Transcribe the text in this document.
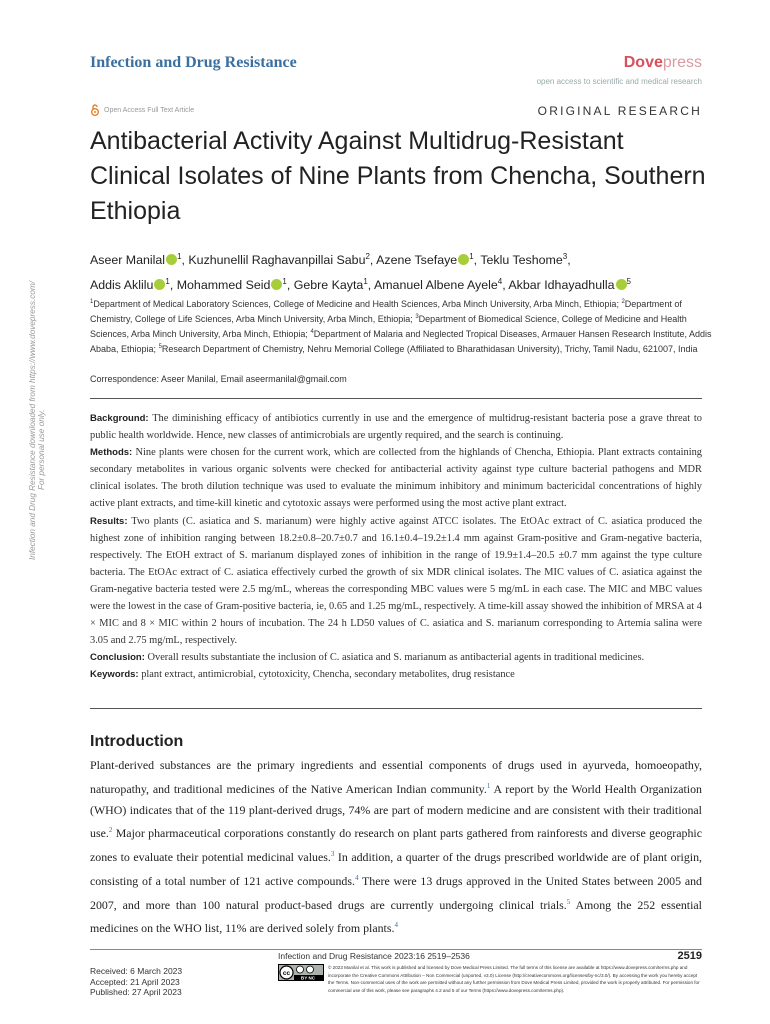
Infection and Drug Resistance	Dovepress
open access to scientific and medical research
Open Access Full Text Article	ORIGINAL RESEARCH
Antibacterial Activity Against Multidrug-Resistant Clinical Isolates of Nine Plants from Chencha, Southern Ethiopia
Aseer Manilal $^1$, Kuzhunellil Raghavanpillai Sabu$^2$, Azene Tsefaye $^1$, Teklu Teshome$^3$,
Addis Aklilu $^1$, Mohammed Seid $^1$, Gebre Kayta$^1$, Amanuel Albene Ayele$^4$, Akbar Idhayadhulla $^5$
$^1$Department of Medical Laboratory Sciences, College of Medicine and Health Sciences, Arba Minch University, Arba Minch, Ethiopia; $^2$Department of Chemistry, College of Life Sciences, Arba Minch University, Arba Minch, Ethiopia; $^3$Department of Biomedical Science, College of Medicine and Health Sciences, Arba Minch University, Arba Minch, Ethiopia; $^4$Department of Malaria and Neglected Tropical Diseases, Armauer Hansen Research Institute, Addis Ababa, Ethiopia; $^5$Research Department of Chemistry, Nehru Memorial College (Affiliated to Bharathidasan University), Trichy, Tamil Nadu, 621007, India
Correspondence: Aseer Manilal, Email aseermanilal@gmail.com

Background: The diminishing efficacy of antibiotics currently in use and the emergence of multidrug-resistant bacteria pose a grave threat to public health worldwide. Hence, new classes of antimicrobials are urgently required, and the search is continuing.

Methods: Nine plants were chosen for the current work, which are collected from the highlands of Chencha, Ethiopia. Plant extracts containing secondary metabolites in various organic solvents were checked for antibacterial activity against type culture bacterial pathogens and MDR clinical isolates. The broth dilution technique was used to evaluate the minimum inhibitory and minimum bactericidal concentrations of highly active plant extracts, and time-kill kinetic and cytotoxic assays were performed using the most active plant extract.

Results: Two plants (C. asiatica and S. marianum) were highly active against ATCC isolates. The EtOAc extract of C. asiatica produced the highest zone of inhibition ranging between 18.2±0.8–20.7±0.7 and 16.1±0.4–19.2±1.4 mm against Gram-positive and Gram-negative bacteria, respectively. The EtOH extract of S. marianum displayed zones of inhibition in the range of 19.9±1.4–20.5 ±0.7 mm against the type culture bacteria. The EtOAc extract of C. asiatica effectively curbed the growth of six MDR clinical isolates. The MIC values of C. asiatica against the Gram-negative bacteria tested were 2.5 mg/mL, whereas the corresponding MBC values were 5 mg/mL in each case. The MIC and MBC values were the lowest in the case of Gram-positive bacteria, ie, 0.65 and 1.25 mg/mL, respectively. A time-kill assay showed the inhibition of MRSA at 4 × MIC and 8 × MIC within 2 hours of incubation. The 24 h LD50 values of C. asiatica and S. marianum corresponding to Artemia salina were 3.05 and 2.75 mg/mL, respectively.

Conclusion: Overall results substantiate the inclusion of C. asiatica and S. marianum as antibacterial agents in traditional medicines.

Keywords: plant extract, antimicrobial, cytotoxicity, Chencha, secondary metabolites, drug resistance

Introduction
Plant-derived substances are the primary ingredients and essential components of drugs used in ayurveda, homoeopathy, naturopathy, and traditional medicines of the Native American Indian community.$^1$ A report by the World Health Organization (WHO) indicates that of the 119 plant-derived drugs, 74% are part of modern medicine and are consistent with their traditional use.$^2$ Major pharmaceutical corporations constantly do research on plant parts gathered from rainforests and diverse geographic zones to evaluate their potential medicinal values.$^3$ In addition, a quarter of the drugs prescribed worldwide are of plant origin, consisting of a total number of 121 active compounds.$^4$ There were 13 drugs approved in the United States between 2005 and 2007, and more than 100 natural product-based drugs are currently undergoing clinical trials.$^5$ Among the 252 essential medicines on the WHO list, 11% are derived solely from plants.$^4$
Infection and Drug Resistance downloaded from https://www.dovepress.com/ For personal use only.
Infection and Drug Resistance 2023:16 2519–2536	2519
Received: 6 March 2023
Accepted: 21 April 2023
Published: 27 April 2023
cc
BY NC
© 2023 Manilal et al. This work is published and licensed by Dove Medical Press Limited. The full terms of this license are available at https://www.dovepress.com/terms.php and incorporate the Creative Commons Attribution – Non Commercial (unported, v3.0) License (http://creativecommons.org/licenses/by-nc/3.0/). By accessing the work you hereby accept the Terms. Non-commercial uses of the work are permitted without any further permission from Dove Medical Press Limited, provided the work is properly attributed. For permission for commercial use of this work, please see paragraphs 4.2 and 5 of our Terms (https://www.dovepress.com/terms.php).
